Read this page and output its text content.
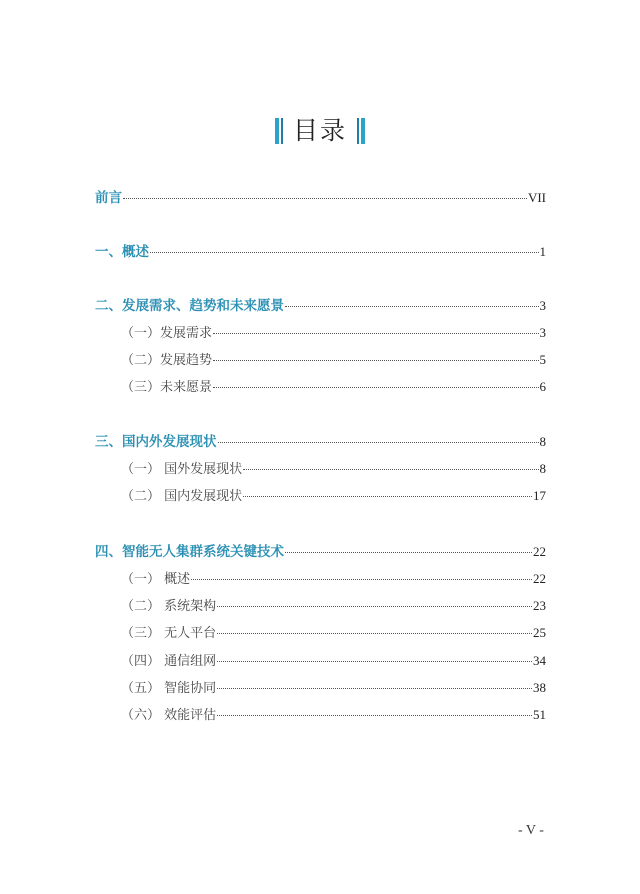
目录
前言	VII
一、概述	1
二、发展需求、趋势和未来愿景	3
（一）发展需求	3
（二）发展趋势	5
（三）未来愿景	6
三、国内外发展现状	8
（一） 国外发展现状	8
（二） 国内发展现状	17
四、智能无人集群系统关键技术	22
（一） 概述	22
（二） 系统架构	23
（三） 无人平台	25
（四） 通信组网	34
（五） 智能协同	38
（六） 效能评估	51
- V -
